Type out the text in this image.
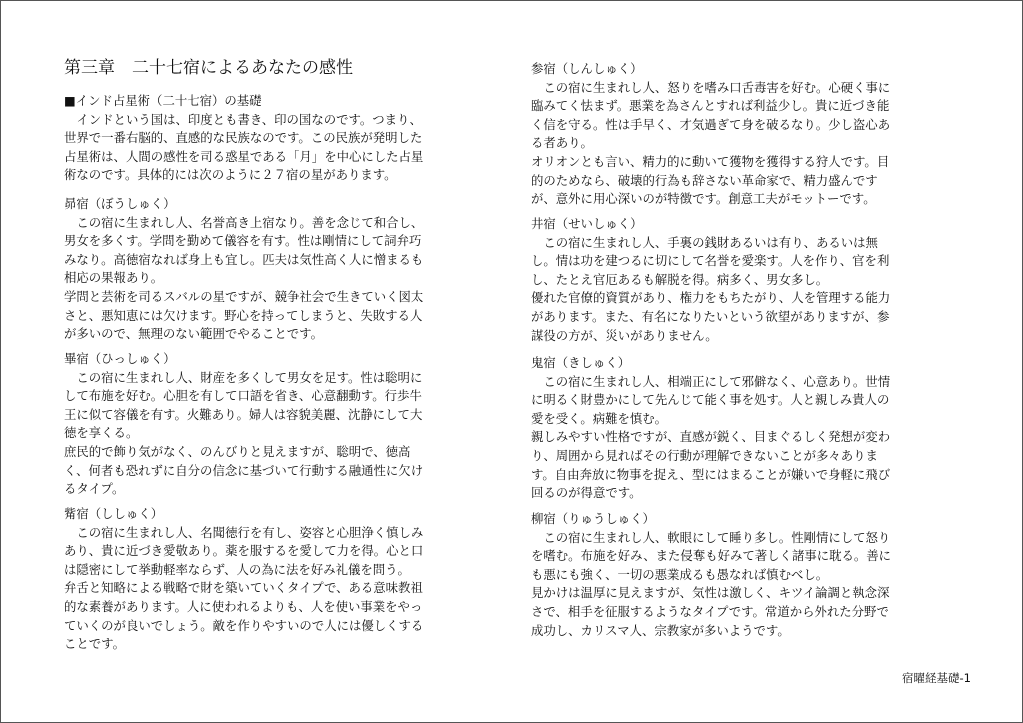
第三章　二十七宿によるあなたの感性
■インド占星術（二十七宿）の基礎
　インドという国は、印度とも書き、印の国なのです。つまり、
世界で一番右脳的、直感的な民族なのです。この民族が発明した
占星術は、人間の感性を司る惑星である「月」を中心にした占星
術なのです。具体的には次のように２７宿の星があります。
昴宿（ぼうしゅく）
　この宿に生まれし人、名誉高き上宿なり。善を念じて和合し、
男女を多くす。学問を勤めて儀容を有す。性は剛情にして詞弁巧
みなり。高徳宿なれば身上も宜し。匹夫は気性高く人に憎まるも
相応の果報あり。
学問と芸術を司るスバルの星ですが、競争社会で生きていく図太
さと、悪知恵には欠けます。野心を持ってしまうと、失敗する人
が多いので、無理のない範囲でやることです。
畢宿（ひっしゅく）
　この宿に生まれし人、財産を多くして男女を足す。性は聡明に
して布施を好む。心胆を有して口語を省き、心意翻動す。行歩牛
王に似て容儀を有す。火難あり。婦人は容貌美麗、沈静にして大
徳を享くる。
庶民的で飾り気がなく、のんびりと見えますが、聡明で、徳高
く、何者も恐れずに自分の信念に基づいて行動する融通性に欠け
るタイプ。
觜宿（ししゅく）
　この宿に生まれし人、名聞徳行を有し、姿容と心胆浄く慎しみ
あり、貴に近づき愛敬あり。薬を服するを愛して力を得。心と口
は隠密にして挙動軽率ならず、人の為に法を好み礼儀を問う。
弁舌と知略による戦略で財を築いていくタイプで、ある意味教祖
的な素養があります。人に使われるよりも、人を使い事業をやっ
ていくのが良いでしょう。敵を作りやすいので人には優しくする
ことです。
参宿（しんしゅく）
　この宿に生まれし人、怒りを嗜み口舌毒害を好む。心硬く事に
臨みてく怯まず。悪業を為さんとすれば利益少し。貴に近づき能
く信を守る。性は手早く、才気過ぎて身を破るなり。少し盗心あ
る者あり。
オリオンとも言い、精力的に動いて獲物を獲得する狩人です。目
的のためなら、破壊的行為も辞さない革命家で、精力盛んです
が、意外に用心深いのが特徴です。創意工夫がモットーです。
井宿（せいしゅく）
　この宿に生まれし人、手裏の銭財あるいは有り、あるいは無
し。情は功を建つるに切にして名誉を愛楽す。人を作り、官を利
し、たとえ官厄あるも解脱を得。病多く、男女多し。
優れた官僚的資質があり、権力をもちたがり、人を管理する能力
があります。また、有名になりたいという欲望がありますが、参
謀役の方が、災いがありません。
鬼宿（きしゅく）
　この宿に生まれし人、相端正にして邪僻なく、心意あり。世情
に明るく財豊かにして先んじて能く事を処す。人と親しみ貴人の
愛を受く。病難を慎む。
親しみやすい性格ですが、直感が鋭く、目まぐるしく発想が変わ
り、周囲から見ればその行動が理解できないことが多々ありま
す。自由奔放に物事を捉え、型にはまることが嫌いで身軽に飛び
回るのが得意です。
柳宿（りゅうしゅく）
　この宿に生まれし人、軟眼にして睡り多し。性剛情にして怒り
を嗜む。布施を好み、また侵奪も好みて著しく諸事に耽る。善に
も悪にも強く、一切の悪業成るも愚なれば慎むべし。
見かけは温厚に見えますが、気性は激しく、キツイ論調と執念深
さで、相手を征服するようなタイプです。常道から外れた分野で
成功し、カリスマ人、宗教家が多いようです。
宿曜経基礎-1
